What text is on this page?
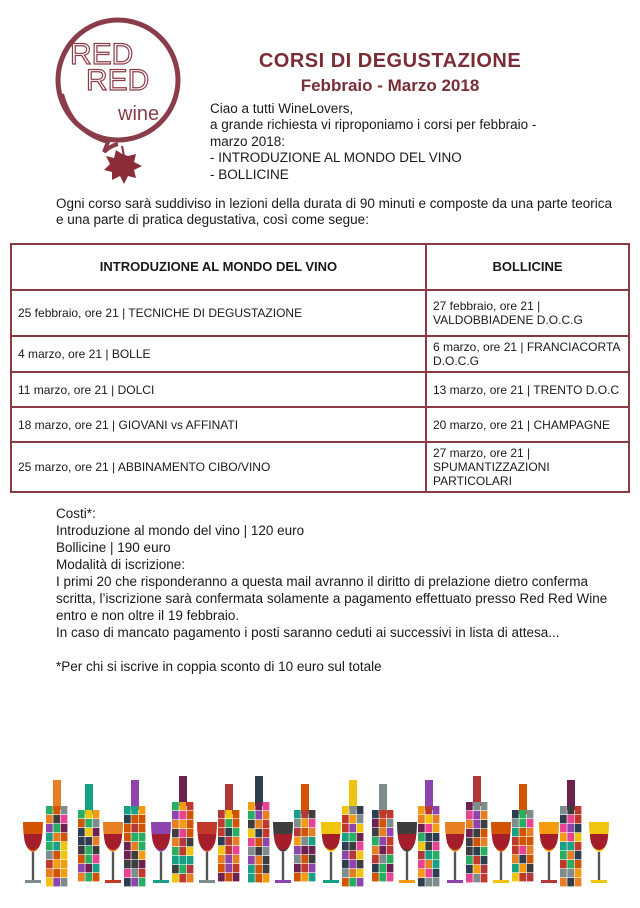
RED
RED
wine
CORSI DI DEGUSTAZIONE
Febbraio - Marzo 2018
Ciao a tutti WineLovers,
a grande richiesta vi riproponiamo i corsi per febbraio -
marzo 2018:
- INTRODUZIONE AL MONDO DEL VINO
- BOLLICINE
Ogni corso sarà suddiviso in lezioni della durata di 90 minuti e composte da una parte teorica e una parte di pratica degustativa, così come segue:
INTRODUZIONE AL MONDO DEL VINO	BOLLICINE
25 febbraio, ore 21 | TECNICHE DI DEGUSTAZIONE	27 febbraio, ore 21 | VALDOBBIADENE D.O.C.G
4 marzo, ore 21 | BOLLE	6 marzo, ore 21 | FRANCIACORTA D.O.C.G
11 marzo, ore 21 | DOLCI	13 marzo, ore 21 | TRENTO D.O.C
18 marzo, ore 21 | GIOVANI vs AFFINATI	20 marzo, ore 21 | CHAMPAGNE
25 marzo, ore 21 | ABBINAMENTO CIBO/VINO	27 marzo, ore 21 | SPUMANTIZZAZIONI PARTICOLARI
Costi*:
Introduzione al mondo del vino | 120 euro
Bollicine | 190 euro
Modalità di iscrizione:
I primi 20 che risponderanno a questa mail avranno il diritto di prelazione dietro conferma scritta, l’iscrizione sarà confermata solamente a pagamento effettuato presso Red Red Wine entro e non oltre il 19 febbraio.
In caso di mancato pagamento i posti saranno ceduti ai successivi in lista di attesa...
*Per chi si iscrive in coppia sconto di 10 euro sul totale
